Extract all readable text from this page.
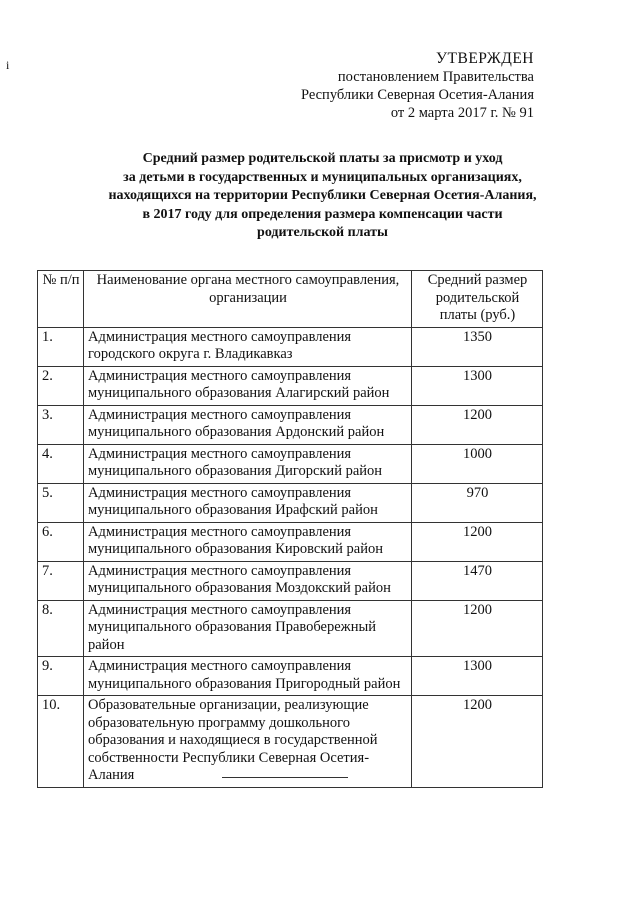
i	УТВЕРЖДЕН
постановлением Правительства
Республики Северная Осетия-Алания
от 2 марта 2017 г. № 91
Средний размер родительской платы за присмотр и уход
за детьми в государственных и муниципальных организациях,
находящихся на территории Республики Северная Осетия-Алания,
в 2017 году для определения размера компенсации части
родительской платы
№ п/п	Наименование органа местного самоуправления, организации	Средний размер родительской платы (руб.)
1.	Администрация местного самоуправления городского округа г. Владикавказ	1350
2.	Администрация местного самоуправления муниципального образования Алагирский район	1300
3.	Администрация местного самоуправления муниципального образования Ардонский район	1200
4.	Администрация местного самоуправления муниципального образования Дигорский район	1000
5.	Администрация местного самоуправления муниципального образования Ирафский район	970
6.	Администрация местного самоуправления муниципального образования Кировский район	1200
7.	Администрация местного самоуправления муниципального образования Моздокский район	1470
8.	Администрация местного самоуправления муниципального образования Правобережный район	1200
9.	Администрация местного самоуправления муниципального образования Пригородный район	1300
10.	Образовательные организации, реализующие образовательную программу дошкольного образования и находящиеся в государственной собственности Республики Северная Осетия-Алания	1200
